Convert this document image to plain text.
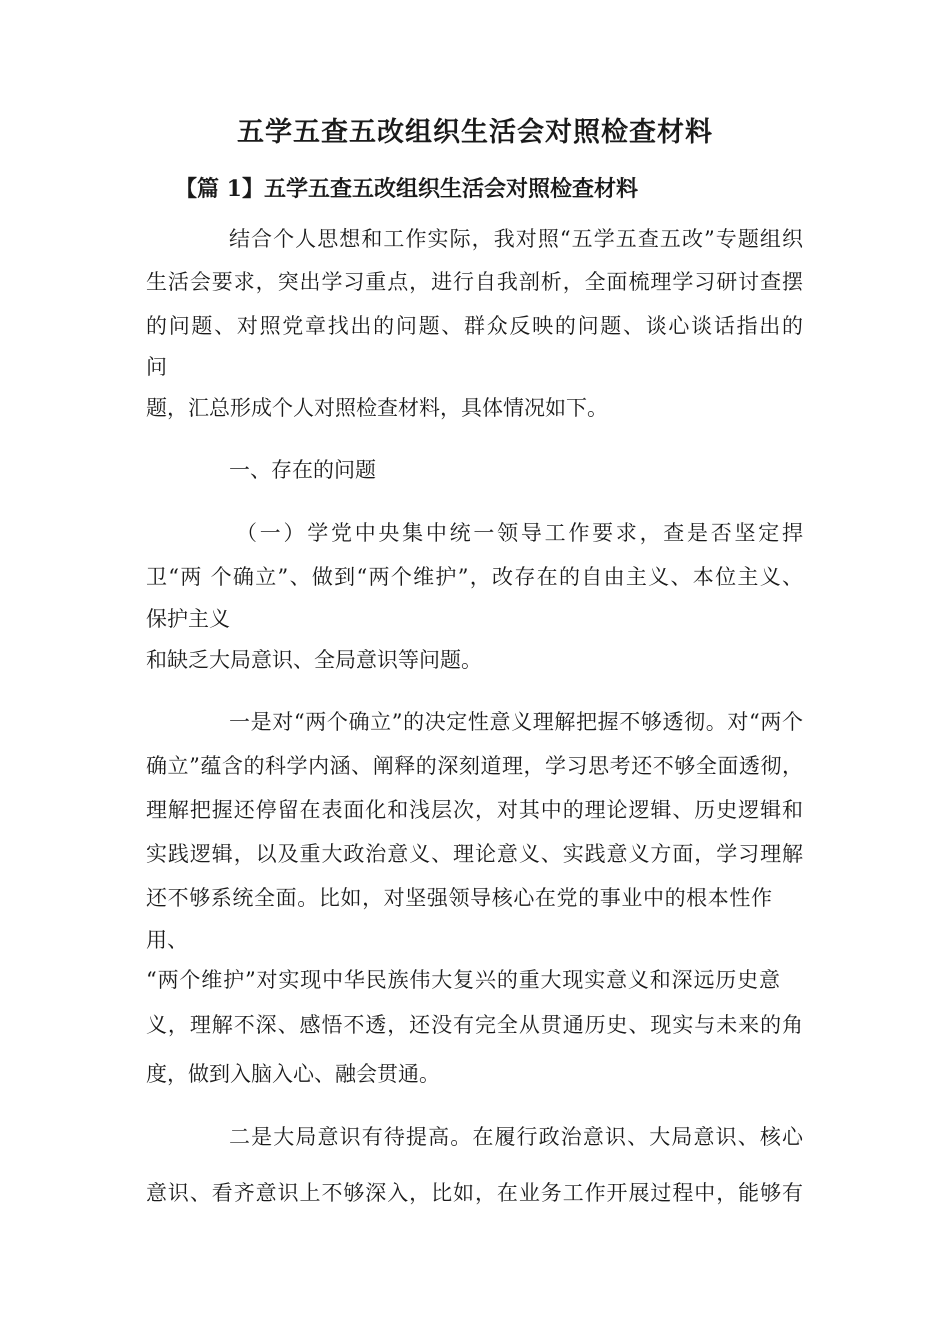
五学五查五改组织生活会对照检查材料
【篇 1】五学五查五改组织生活会对照检查材料
结合个人思想和工作实际，我对照“五学五查五改”专题组织
生活会要求，突出学习重点，进行自我剖析，全面梳理学习研讨查摆
的问题、对照党章找出的问题、群众反映的问题、谈心谈话指出的
问
题，汇总形成个人对照检查材料，具体情况如下。
一、存在的问题
（一）学党中央集中统一领导工作要求，查是否坚定捍
卫“两 个确立”、做到“两个维护”，改存在的自由主义、本位主义、
保护主义
和缺乏大局意识、全局意识等问题。
一是对“两个确立”的决定性意义理解把握不够透彻。对“两个
确立”蕴含的科学内涵、阐释的深刻道理，学习思考还不够全面透彻，
理解把握还停留在表面化和浅层次，对其中的理论逻辑、历史逻辑和
实践逻辑，以及重大政治意义、理论意义、实践意义方面，学习理解
还不够系统全面。比如，对坚强领导核心在党的事业中的根本性作
用、
“两个维护”对实现中华民族伟大复兴的重大现实意义和深远历史意
义，理解不深、感悟不透，还没有完全从贯通历史、现实与未来的角
度，做到入脑入心、融会贯通。
二是大局意识有待提高。在履行政治意识、大局意识、核心
意识、看齐意识上不够深入，比如，在业务工作开展过程中，能够有
